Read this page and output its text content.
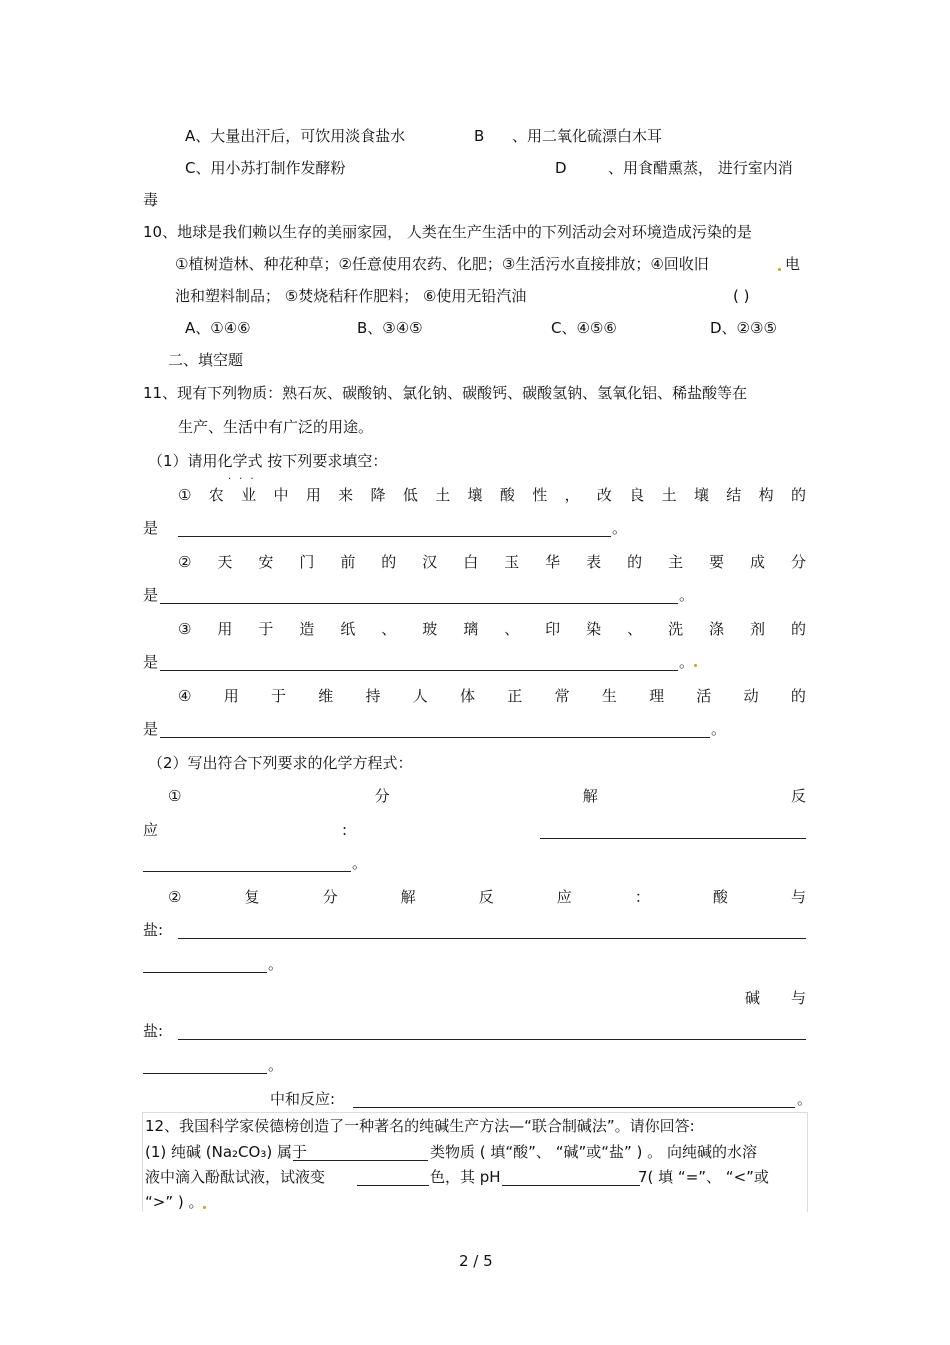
A、大量出汗后，可饮用淡食盐水	B 、用二氧化硫漂白木耳
C、用小苏打制作发酵粉	D	、用食醋熏蒸， 进行室内消
毒
10、地球是我们赖以生存的美丽家园， 人类在生产生活中的下列活动会对环境造成污染的是
①植树造林、种花种草；②任意使用农药、化肥；③生活污水直接排放；④回收旧	电
池和塑料制品； ⑤焚烧秸秆作肥料； ⑥使用无铅汽油	( )
A、①④⑥	B、③④⑤	C、④⑤⑥	D、②③⑤
二、填空题
11、现有下列物质：熟石灰、碳酸钠、氯化钠、碳酸钙、碳酸氢钠、氢氧化铝、稀盐酸等在
生产、生活中有广泛的用途。
（1）请用化学式 按下列要求填空：
···
① 农 业 中 用 来 降 低 土 壤 酸 性 ， 改 良 土 壤 结 构 的
是	。
② 天 安 门 前 的 汉 白 玉 华 表 的 主 要 成 分
是	。
③ 用 于 造 纸 、 玻 璃 、 印 染 、 洗 涤 剂 的
是	。
④ 用 于 维 持 人 体 正 常 生 理 活 动 的
是	。
（2）写出符合下列要求的化学方程式：
①	分	解	反
应	:
。
②	复	分	解	反	应	：	酸	与
盐:
。
碱 与
盐:
。
中和反应:	。
12、我国科学家侯德榜创造了一种著名的纯碱生产方法—“联合制碱法”。请你回答:
(1) 纯碱 (Na₂CO₃) 属于	类物质 ( 填“酸”、 “碱”或“盐” ) 。 向纯碱的水溶
液中滴入酚酞试液，试液变	色，其 pH	7( 填 “=”、 “<”或
“>” ) 。
2 / 5
